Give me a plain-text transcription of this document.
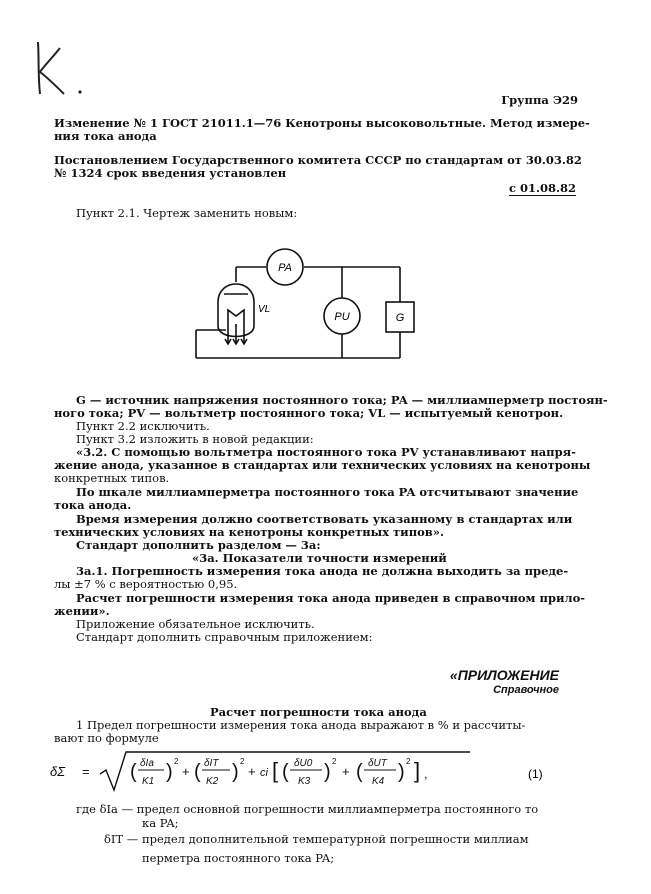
Группа Э29
Изменение № 1 ГОСТ 21011.1—76 Кенотроны высоковольтные. Метод измере-
ния тока анода
Постановлением Государственного комитета СССР по стандартам от 30.03.82
№ 1324 срок введения установлен
с 01.08.82
Пункт 2.1. Чертеж заменить новым:
PA
PU	G
VL
G — источник напряжения постоянного тока; PA — миллиамперметр постоян-
ного тока; PV — вольтметр постоянного тока; VL — испытуемый кенотрон.
Пункт 2.2 исключить.
Пункт 3.2 изложить в новой редакции:
«3.2. С помощью вольтметра постоянного тока PV устанавливают напря-
жение анода, указанное в стандартах или технических условиях на кенотроны
конкретных типов.
По шкале миллиамперметра постоянного тока PA отсчитывают значение
тока анода.
Время измерения должно соответствовать указанному в стандартах или
технических условиях на кенотроны конкретных типов».
Стандарт дополнить разделом — 3а:
«3а. Показатели точности измерений
3а.1. Погрешность измерения тока анода не должна выходить за преде-
лы ±7 % с вероятностью 0,95.
Расчет погрешности измерения тока анода приведен в справочном прило-
жении».
Приложение обязательное исключить.
Стандарт дополнить справочным приложением:
«ПРИЛОЖЕНИЕ
Справочное
Расчет погрешности тока анода
1 Предел погрешности измерения тока анода выражают в % и рассчиты-
вают по формуле
δΣ = ( δIa
K1 ) 2
+ ( δIT
K2 ) 2
+ ci [ ( δU0
K3 ) 2
+ ( δUT
K4 ) 2 ] ,	(1)
где δIa — предел основной погрешности миллиамперметра постоянного то
ка PA;
δIT — предел дополнительной температурной погрешности миллиам
перметра постоянного тока PA;
